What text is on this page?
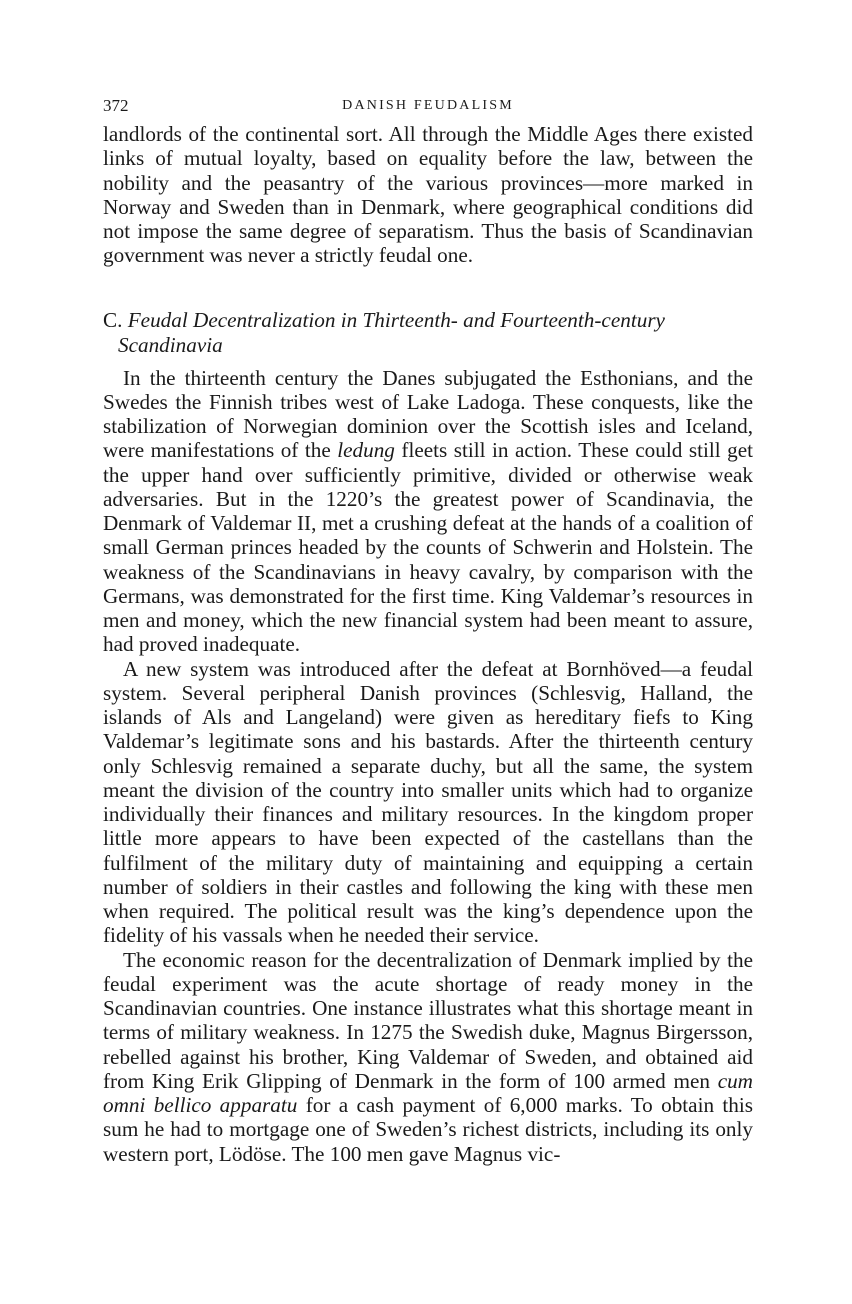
372	DANISH FEUDALISM

landlords of the continental sort. All through the Middle Ages there existed links of mutual loyalty, based on equality before the law, between the nobility and the peasantry of the various provinces—more marked in Norway and Sweden than in Denmark, where geographical conditions did not impose the same degree of separatism. Thus the basis of Scandinavian government was never a strictly feudal one.

C. Feudal Decentralization in Thirteenth- and Fourteenth-century
Scandinavia

In the thirteenth century the Danes subjugated the Esthonians, and the Swedes the Finnish tribes west of Lake Ladoga. These conquests, like the stabilization of Norwegian dominion over the Scottish isles and Iceland, were manifestations of the ledung fleets still in action. These could still get the upper hand over sufficiently primitive, divided or otherwise weak adversaries. But in the 1220’s the greatest power of Scandinavia, the Denmark of Valdemar II, met a crushing defeat at the hands of a coalition of small German princes headed by the counts of Schwerin and Holstein. The weakness of the Scandinavians in heavy cavalry, by comparison with the Germans, was demonstrated for the first time. King Valdemar’s resources in men and money, which the new financial system had been meant to assure, had proved inadequate.

A new system was introduced after the defeat at Bornhöved—a feudal system. Several peripheral Danish provinces (Schlesvig, Halland, the islands of Als and Langeland) were given as hereditary fiefs to King Valdemar’s legitimate sons and his bastards. After the thirteenth century only Schlesvig remained a separate duchy, but all the same, the system meant the division of the country into smaller units which had to organize individually their finances and military resources. In the kingdom proper little more appears to have been expected of the castellans than the fulfilment of the military duty of maintaining and equipping a certain number of soldiers in their castles and following the king with these men when required. The political result was the king’s dependence upon the fidelity of his vassals when he needed their service.

The economic reason for the decentralization of Denmark implied by the feudal experiment was the acute shortage of ready money in the Scandinavian countries. One instance illustrates what this shortage meant in terms of military weakness. In 1275 the Swedish duke, Magnus Birgersson, rebelled against his brother, King Valdemar of Sweden, and obtained aid from King Erik Glipping of Denmark in the form of 100 armed men cum omni bellico apparatu for a cash payment of 6,000 marks. To obtain this sum he had to mortgage one of Sweden’s richest districts, including its only western port, Lödöse. The 100 men gave Magnus vic-
